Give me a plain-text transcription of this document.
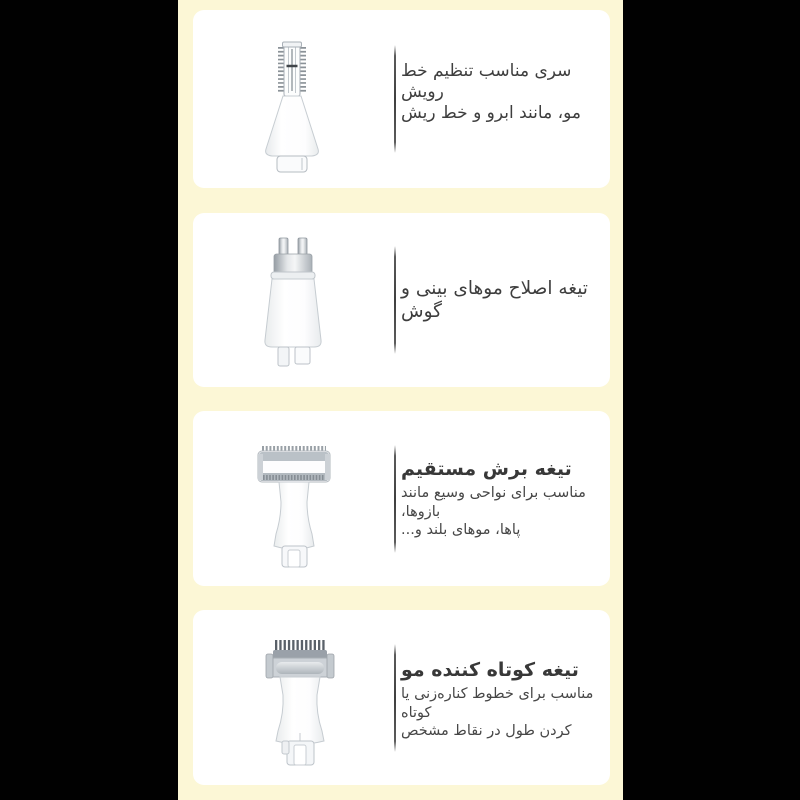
سری مناسب تنظیم خط رویش
مو، مانند ابرو و خط ریش
تیغه اصلاح موهای بینی و گوش
تیغه برش مستقیم
مناسب برای نواحی وسیع مانند بازوها،
پاها، موهای بلند و...
تیغه کوتاه کننده مو
مناسب برای خطوط کناره‌زنی یا کوتاه
کردن طول در نقاط مشخص
